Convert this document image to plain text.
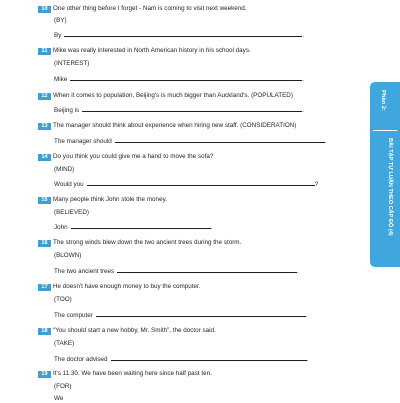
10 One other thing before I forget - Nam is coming to visit next weekend.
(BY)
By	.
11 Mike was really interested in North American history in his school days.
(INTEREST)
Mike	.
12 When it comes to population, Beijing's is much bigger than Auckland's. (POPULATED)
Beijing is	.
13 The manager should think about experience when hiring new staff. (CONSIDERATION)
The manager should	.
14 Do you think you could give me a hand to move the sofa?
(MIND)
Would you	?
15 Many people think John stole the money.
(BELIEVED)
John	.
16 The strong winds blew down the two ancient trees during the storm.
(BLOWN)
The two ancient trees	.
17 He doesn't have enough money to buy the computer.
(TOO)
The computer	.
18 “You should start a new hobby, Mr. Smith”, the doctor said.
(TAKE)
The doctor advised	.
19 It's 11.30. We have been waiting here since half past ten.
(FOR)
We
Phần 2:
BÀI TẬP TỰ LUẬN THEO CẤP ĐỘ (4)
